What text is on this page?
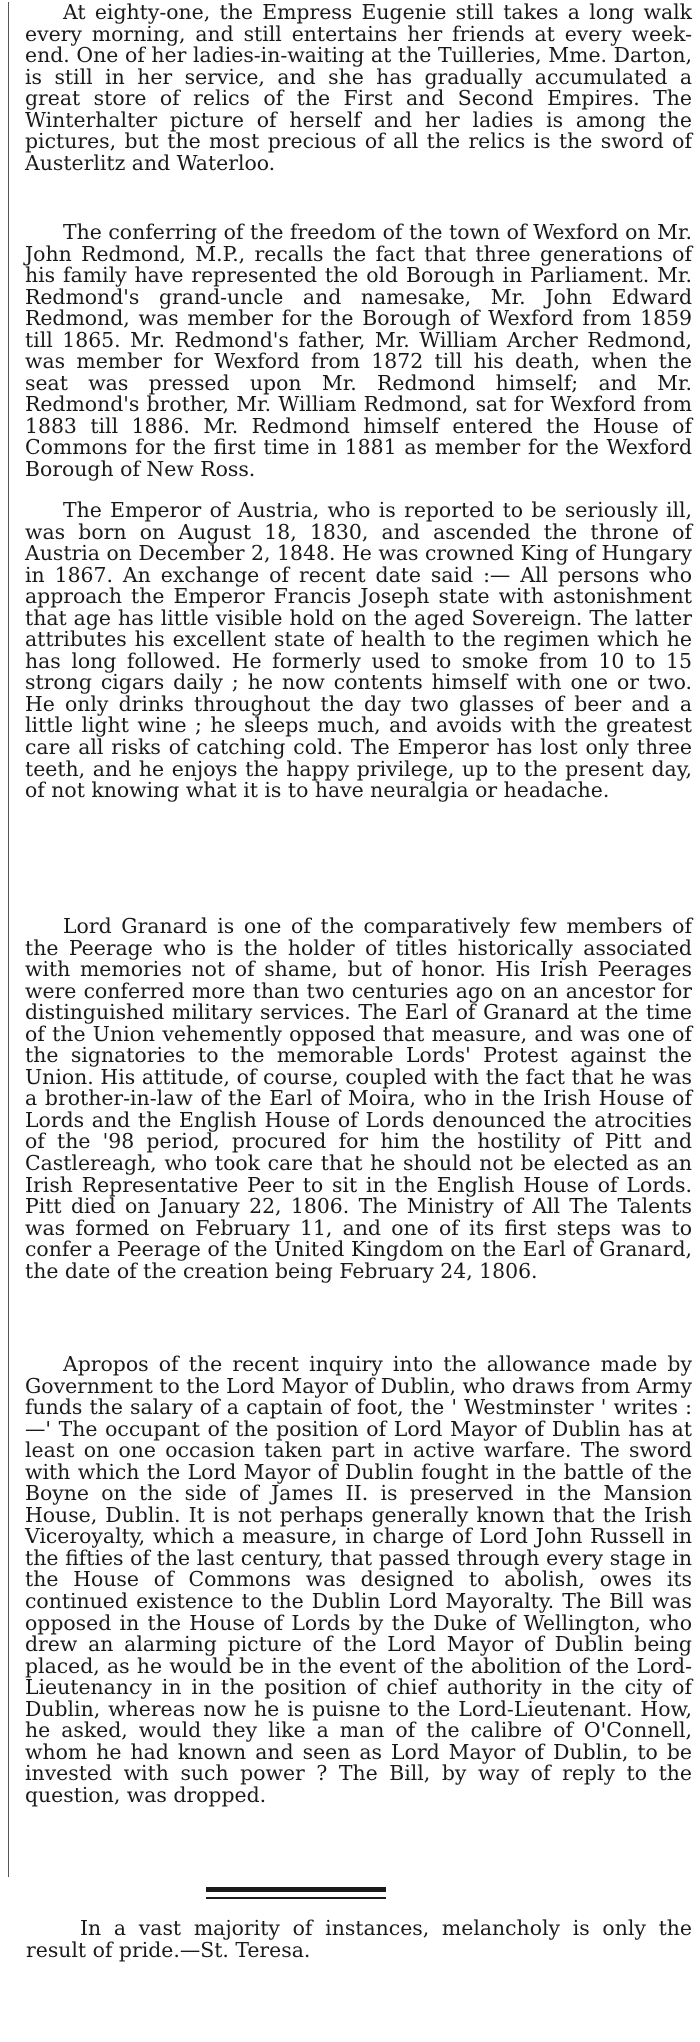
At eighty-one, the Empress Eugenie still takes a long walk every morning, and still entertains her friends at every week-end. One of her ladies-in-waiting at the Tuilleries, Mme. Darton, is still in her service, and she has gradually accumulated a great store of relics of the First and Second Empires. The Winterhalter picture of herself and her ladies is among the pictures, but the most precious of all the relics is the sword of Austerlitz and Waterloo.

The conferring of the freedom of the town of Wexford on Mr. John Redmond, M.P., recalls the fact that three generations of his family have represented the old Borough in Parliament. Mr. Redmond's grand-uncle and namesake, Mr. John Edward Redmond, was member for the Borough of Wexford from 1859 till 1865. Mr. Redmond's father, Mr. William Archer Redmond, was member for Wexford from 1872 till his death, when the seat was pressed upon Mr. Redmond himself; and Mr. Redmond's brother, Mr. William Redmond, sat for Wexford from 1883 till 1886. Mr. Redmond himself entered the House of Commons for the first time in 1881 as member for the Wexford Borough of New Ross.

The Emperor of Austria, who is reported to be seriously ill, was born on August 18, 1830, and ascended the throne of Austria on December 2, 1848. He was crowned King of Hungary in 1867. An exchange of recent date said :— All persons who approach the Emperor Francis Joseph state with astonishment that age has little visible hold on the aged Sovereign. The latter attributes his excellent state of health to the regimen which he has long followed. He formerly used to smoke from 10 to 15 strong cigars daily ; he now contents himself with one or two. He only drinks throughout the day two glasses of beer and a little light wine ; he sleeps much, and avoids with the greatest care all risks of catching cold. The Emperor has lost only three teeth, and he enjoys the happy privilege, up to the present day, of not knowing what it is to have neuralgia or headache.

Lord Granard is one of the comparatively few members of the Peerage who is the holder of titles historically associated with memories not of shame, but of honor. His Irish Peerages were conferred more than two centuries ago on an ancestor for distinguished military services. The Earl of Granard at the time of the Union vehemently opposed that measure, and was one of the signatories to the memorable Lords' Protest against the Union. His attitude, of course, coupled with the fact that he was a brother-in-law of the Earl of Moira, who in the Irish House of Lords and the English House of Lords denounced the atrocities of the '98 period, procured for him the hostility of Pitt and Castlereagh, who took care that he should not be elected as an Irish Representative Peer to sit in the English House of Lords. Pitt died on January 22, 1806. The Ministry of All The Talents was formed on February 11, and one of its first steps was to confer a Peerage of the United Kingdom on the Earl of Granard, the date of the creation being February 24, 1806.

Apropos of the recent inquiry into the allowance made by Government to the Lord Mayor of Dublin, who draws from Army funds the salary of a captain of foot, the ' Westminster ' writes :—' The occupant of the position of Lord Mayor of Dublin has at least on one occasion taken part in active warfare. The sword with which the Lord Mayor of Dublin fought in the battle of the Boyne on the side of James II. is preserved in the Mansion House, Dublin. It is not perhaps generally known that the Irish Viceroyalty, which a measure, in charge of Lord John Russell in the fifties of the last century, that passed through every stage in the House of Commons was designed to abolish, owes its continued existence to the Dublin Lord Mayoralty. The Bill was opposed in the House of Lords by the Duke of Wellington, who drew an alarming picture of the Lord Mayor of Dublin being placed, as he would be in the event of the abolition of the Lord-Lieutenancy in in the position of chief authority in the city of Dublin, whereas now he is puisne to the Lord-Lieutenant. How, he asked, would they like a man of the calibre of O'Connell, whom he had known and seen as Lord Mayor of Dublin, to be invested with such power ? The Bill, by way of reply to the question, was dropped.

In a vast majority of instances, melancholy is only the result of pride.—St. Teresa.
